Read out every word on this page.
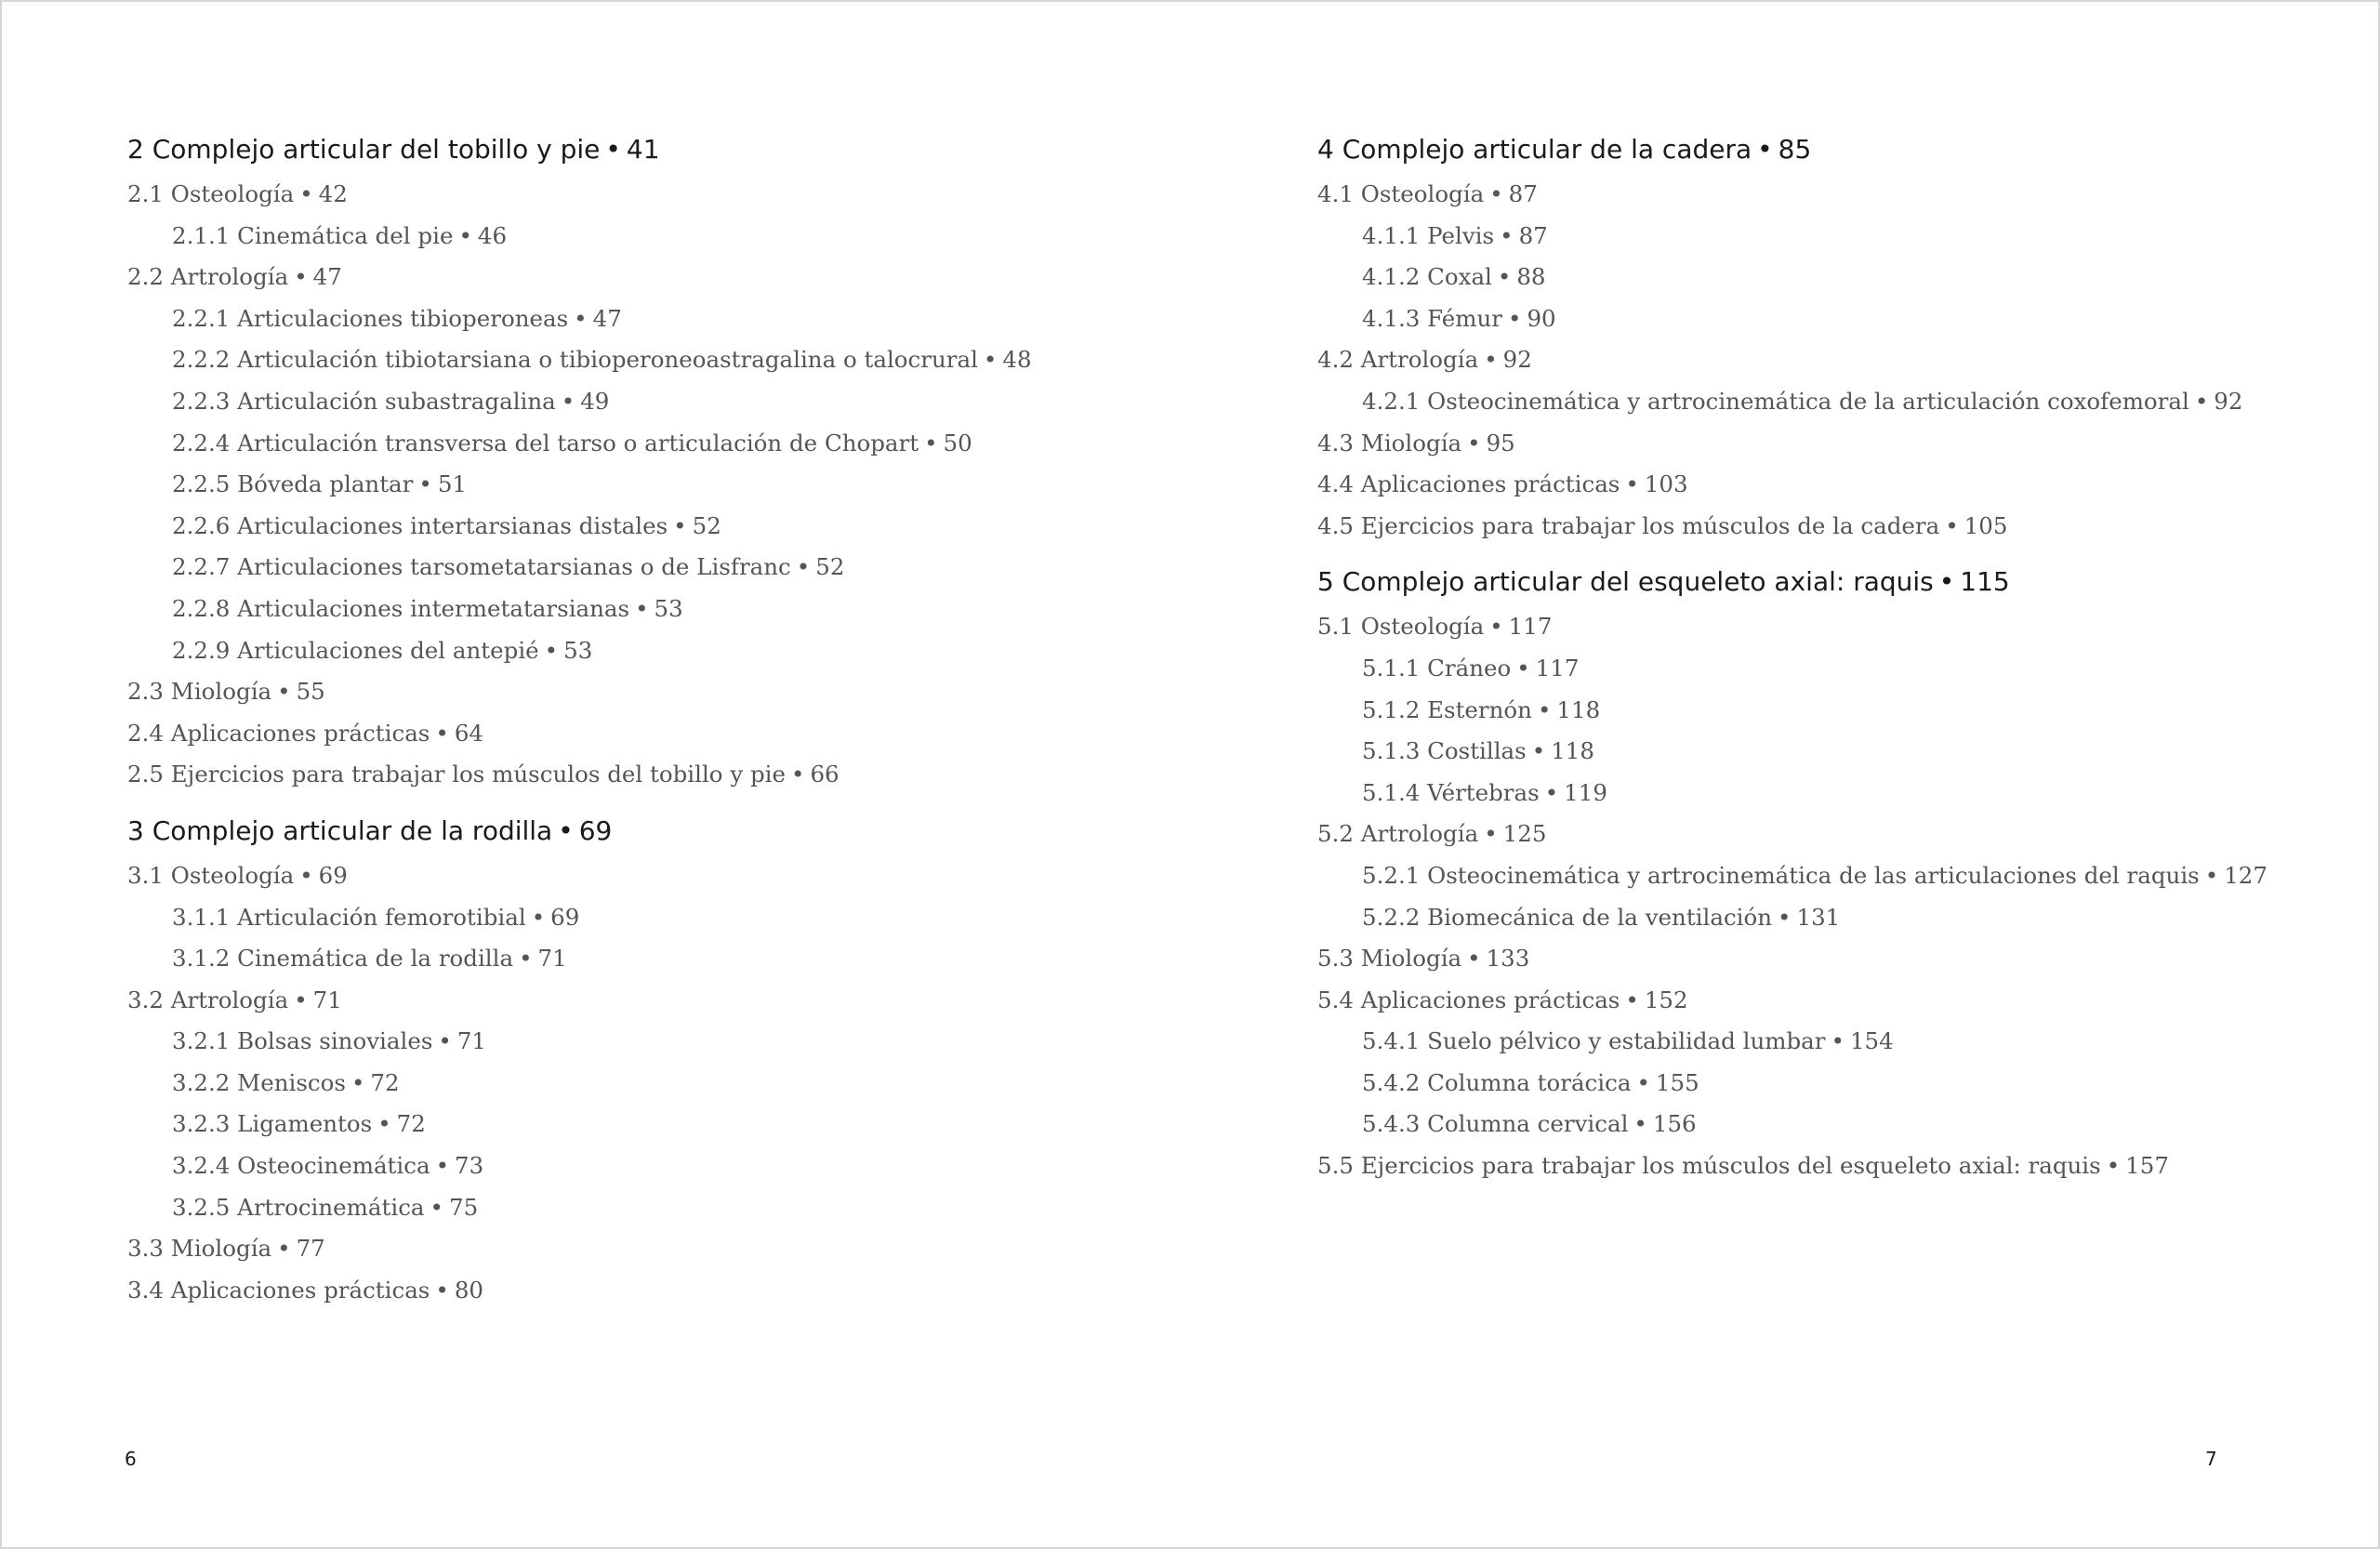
2 Complejo articular del tobillo y pie • 41
2.1 Osteología • 42
2.1.1 Cinemática del pie • 46
2.2 Artrología • 47
2.2.1 Articulaciones tibioperoneas • 47
2.2.2 Articulación tibiotarsiana o tibioperoneoastragalina o talocrural • 48
2.2.3 Articulación subastragalina • 49
2.2.4 Articulación transversa del tarso o articulación de Chopart • 50
2.2.5 Bóveda plantar • 51
2.2.6 Articulaciones intertarsianas distales • 52
2.2.7 Articulaciones tarsometatarsianas o de Lisfranc • 52
2.2.8 Articulaciones intermetatarsianas • 53
2.2.9 Articulaciones del antepié • 53
2.3 Miología • 55
2.4 Aplicaciones prácticas • 64
2.5 Ejercicios para trabajar los músculos del tobillo y pie • 66
3 Complejo articular de la rodilla • 69
3.1 Osteología • 69
3.1.1 Articulación femorotibial • 69
3.1.2 Cinemática de la rodilla • 71
3.2 Artrología • 71
3.2.1 Bolsas sinoviales • 71
3.2.2 Meniscos • 72
3.2.3 Ligamentos • 72
3.2.4 Osteocinemática • 73
3.2.5 Artrocinemática • 75
3.3 Miología • 77
3.4 Aplicaciones prácticas • 80
4 Complejo articular de la cadera • 85
4.1 Osteología • 87
4.1.1 Pelvis • 87
4.1.2 Coxal • 88
4.1.3 Fémur • 90
4.2 Artrología • 92
4.2.1 Osteocinemática y artrocinemática de la articulación coxofemoral • 92
4.3 Miología • 95
4.4 Aplicaciones prácticas • 103
4.5 Ejercicios para trabajar los músculos de la cadera • 105
5 Complejo articular del esqueleto axial: raquis • 115
5.1 Osteología • 117
5.1.1 Cráneo • 117
5.1.2 Esternón • 118
5.1.3 Costillas • 118
5.1.4 Vértebras • 119
5.2 Artrología • 125
5.2.1 Osteocinemática y artrocinemática de las articulaciones del raquis • 127
5.2.2 Biomecánica de la ventilación • 131
5.3 Miología • 133
5.4 Aplicaciones prácticas • 152
5.4.1 Suelo pélvico y estabilidad lumbar • 154
5.4.2 Columna torácica • 155
5.4.3 Columna cervical • 156
5.5 Ejercicios para trabajar los músculos del esqueleto axial: raquis • 157
6	7
